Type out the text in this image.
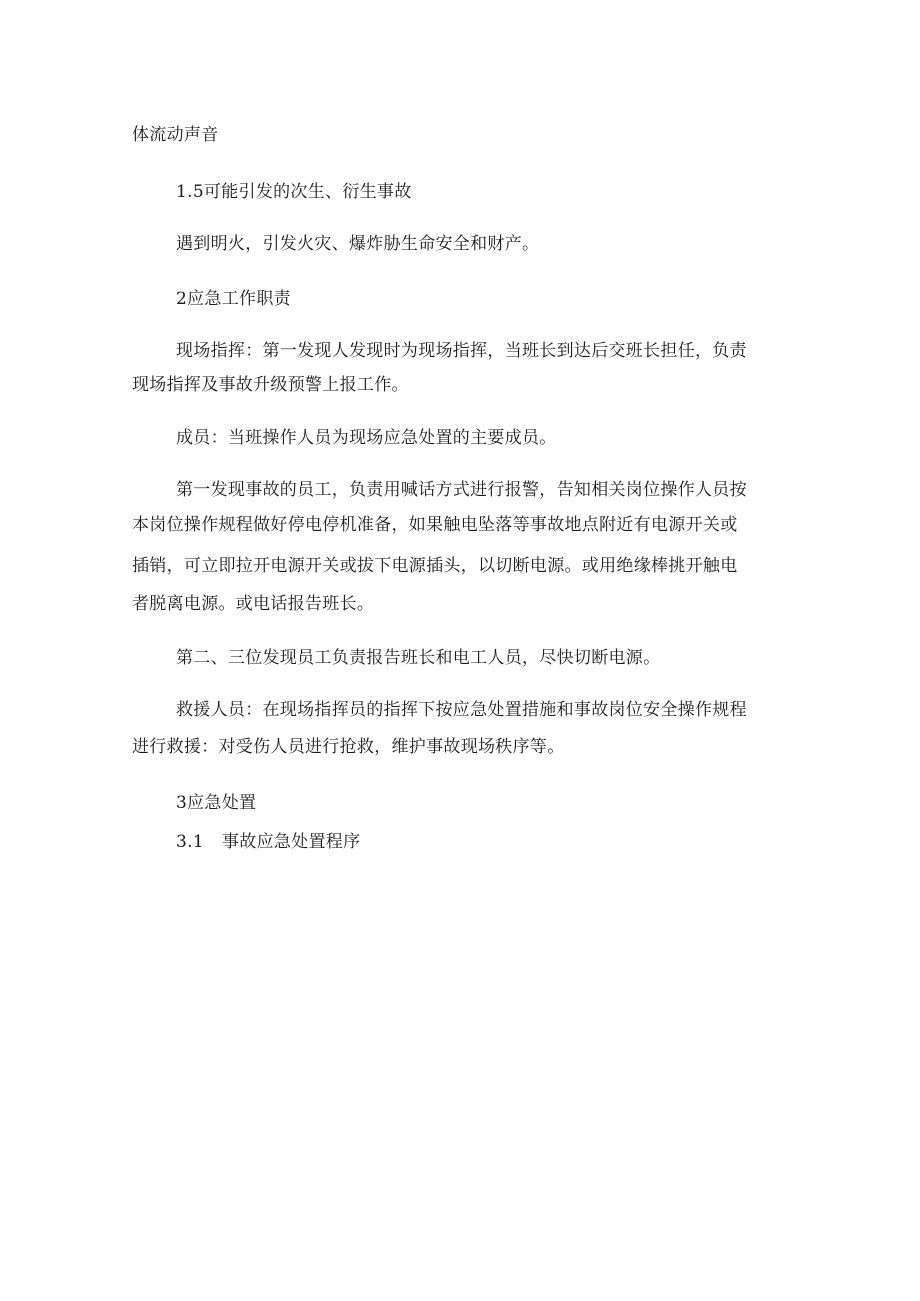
体流动声音
1.5可能引发的次生、衍生事故
遇到明火，引发火灾、爆炸胁生命安全和财产。
2应急工作职责
现场指挥：第一发现人发现时为现场指挥，当班长到达后交班长担任，负责
现场指挥及事故升级预警上报工作。
成员：当班操作人员为现场应急处置的主要成员。
第一发现事故的员工，负责用喊话方式进行报警，告知相关岗位操作人员按
本岗位操作规程做好停电停机准备，如果触电坠落等事故地点附近有电源开关或
插销，可立即拉开电源开关或拔下电源插头，以切断电源。或用绝缘棒挑开触电
者脱离电源。或电话报告班长。
第二、三位发现员工负责报告班长和电工人员，尽快切断电源。
救援人员：在现场指挥员的指挥下按应急处置措施和事故岗位安全操作规程
进行救援：对受伤人员进行抢救，维护事故现场秩序等。
3应急处置
3.1 事故应急处置程序
